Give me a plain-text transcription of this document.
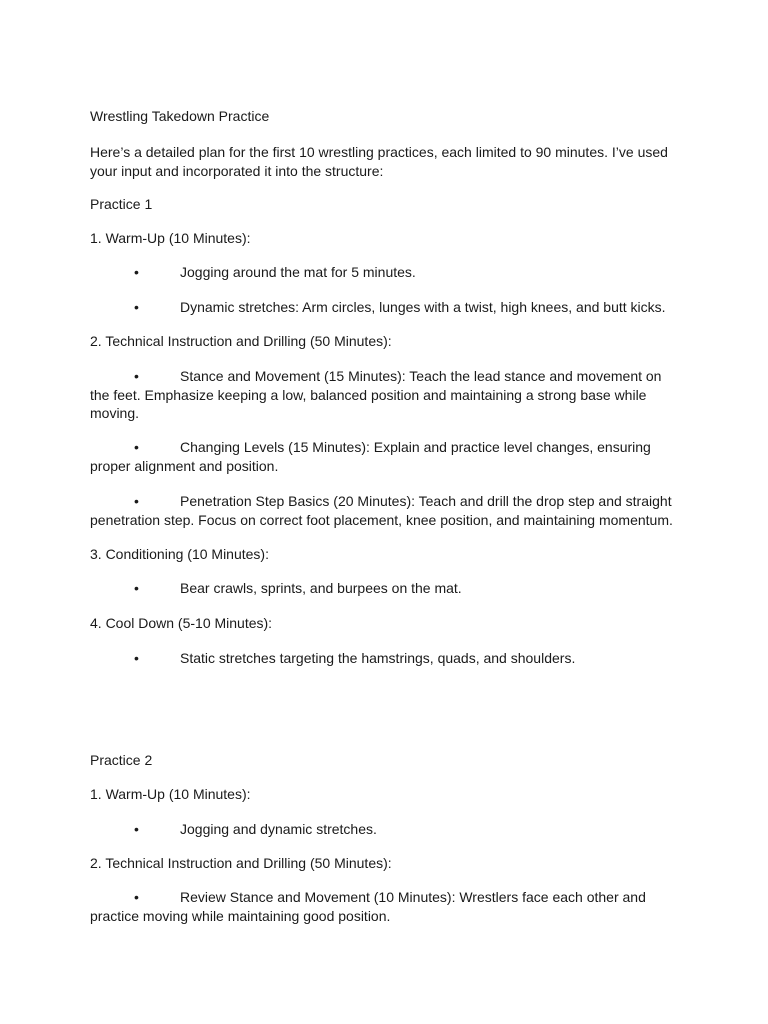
Wrestling Takedown Practice
Here’s a detailed plan for the first 10 wrestling practices, each limited to 90 minutes. I’ve used
your input and incorporated it into the structure:
Practice 1
1. Warm-Up (10 Minutes):
•	Jogging around the mat for 5 minutes.
•	Dynamic stretches: Arm circles, lunges with a twist, high knees, and butt kicks.
2. Technical Instruction and Drilling (50 Minutes):
•	Stance and Movement (15 Minutes): Teach the lead stance and movement on
the feet. Emphasize keeping a low, balanced position and maintaining a strong base while
moving.
•	Changing Levels (15 Minutes): Explain and practice level changes, ensuring
proper alignment and position.
•	Penetration Step Basics (20 Minutes): Teach and drill the drop step and straight
penetration step. Focus on correct foot placement, knee position, and maintaining momentum.
3. Conditioning (10 Minutes):
•	Bear crawls, sprints, and burpees on the mat.
4. Cool Down (5-10 Minutes):
•	Static stretches targeting the hamstrings, quads, and shoulders.
Practice 2
1. Warm-Up (10 Minutes):
•	Jogging and dynamic stretches.
2. Technical Instruction and Drilling (50 Minutes):
•	Review Stance and Movement (10 Minutes): Wrestlers face each other and
practice moving while maintaining good position.
